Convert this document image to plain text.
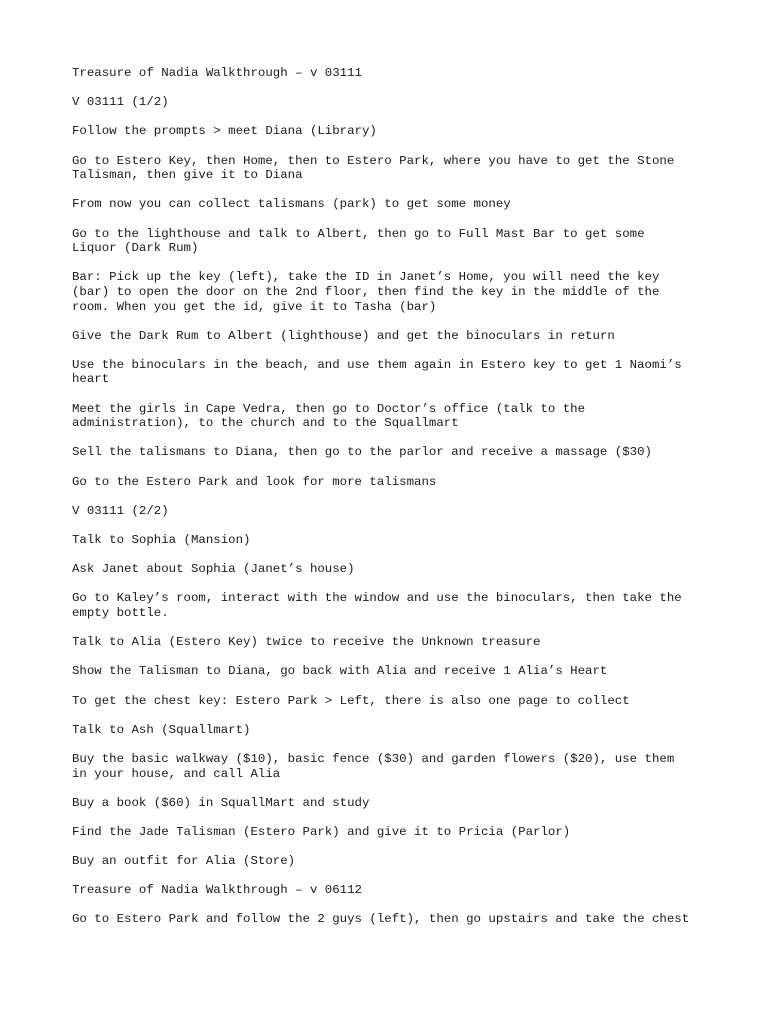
Treasure of Nadia Walkthrough – v 03111

V 03111 (1/2)

Follow the prompts > meet Diana (Library)

Go to Estero Key, then Home, then to Estero Park, where you have to get the Stone
Talisman, then give it to Diana

From now you can collect talismans (park) to get some money

Go to the lighthouse and talk to Albert, then go to Full Mast Bar to get some
Liquor (Dark Rum)

Bar: Pick up the key (left), take the ID in Janet’s Home, you will need the key
(bar) to open the door on the 2nd floor, then find the key in the middle of the
room. When you get the id, give it to Tasha (bar)

Give the Dark Rum to Albert (lighthouse) and get the binoculars in return

Use the binoculars in the beach, and use them again in Estero key to get 1 Naomi’s
heart

Meet the girls in Cape Vedra, then go to Doctor’s office (talk to the
administration), to the church and to the Squallmart

Sell the talismans to Diana, then go to the parlor and receive a massage ($30)

Go to the Estero Park and look for more talismans

V 03111 (2/2)

Talk to Sophia (Mansion)

Ask Janet about Sophia (Janet’s house)

Go to Kaley’s room, interact with the window and use the binoculars, then take the
empty bottle.

Talk to Alia (Estero Key) twice to receive the Unknown treasure

Show the Talisman to Diana, go back with Alia and receive 1 Alia’s Heart

To get the chest key: Estero Park > Left, there is also one page to collect

Talk to Ash (Squallmart)

Buy the basic walkway ($10), basic fence ($30) and garden flowers ($20), use them
in your house, and call Alia

Buy a book ($60) in SquallMart and study

Find the Jade Talisman (Estero Park) and give it to Pricia (Parlor)

Buy an outfit for Alia (Store)

Treasure of Nadia Walkthrough – v 06112

Go to Estero Park and follow the 2 guys (left), then go upstairs and take the chest
